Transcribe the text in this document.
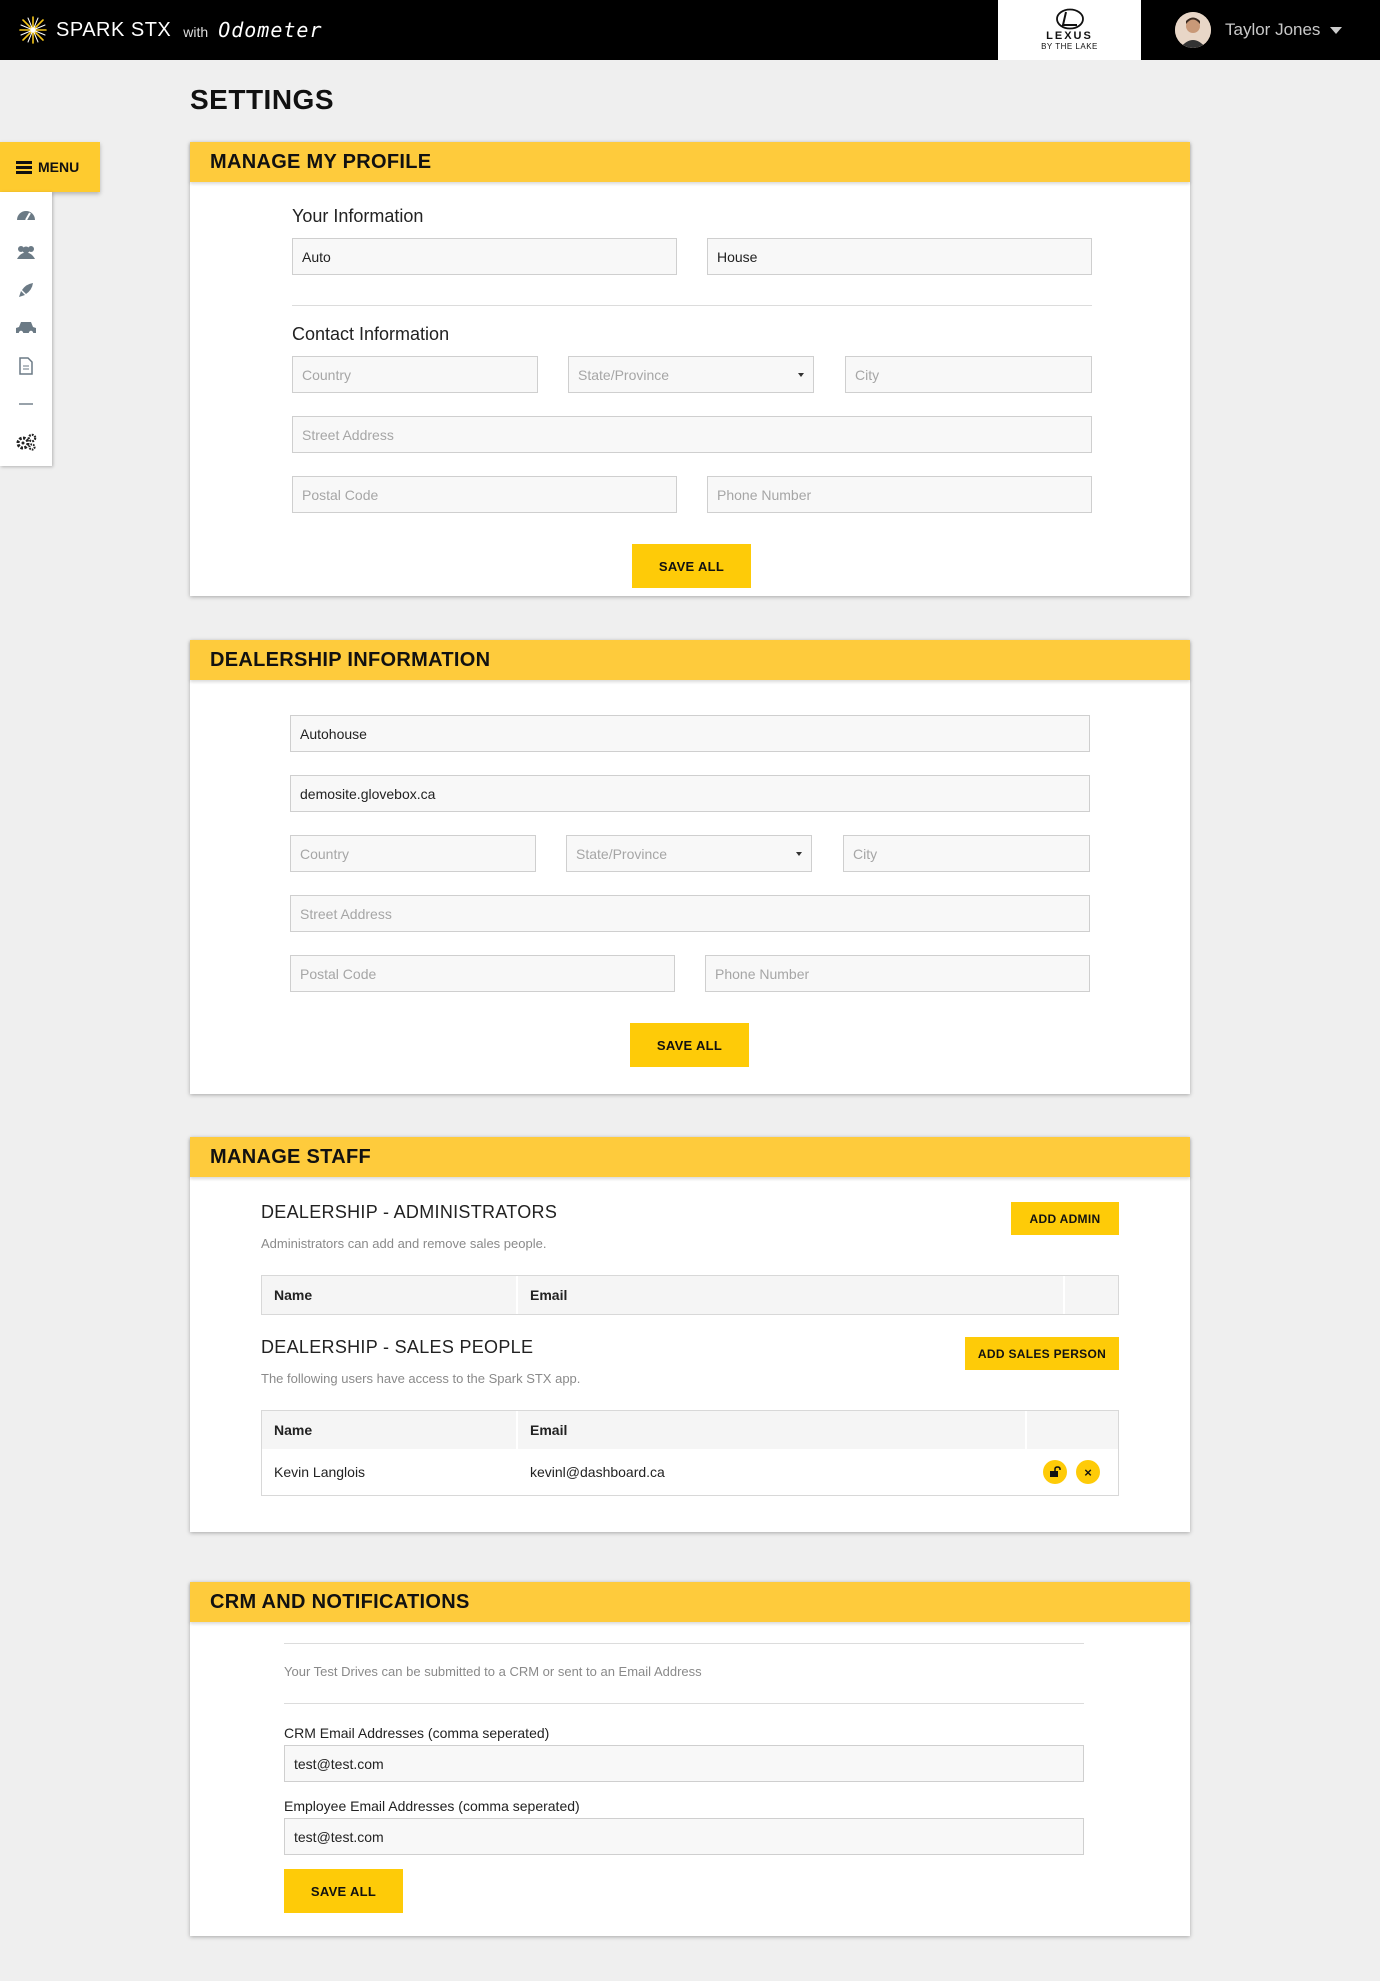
SPARK STX with Odometer	LEXUS
BY THE LAKE
Taylor Jones
MENU
SETTINGS
MANAGE MY PROFILE
Your Information
Auto	House
Contact Information
Country	State/Province	City
Street Address
Postal Code	Phone Number
SAVE ALL
DEALERSHIP INFORMATION
Autohouse
demosite.glovebox.ca
Country	State/Province	City
Street Address
Postal Code	Phone Number
SAVE ALL
MANAGE STAFF
DEALERSHIP - ADMINISTRATORS
Administrators can add and remove sales people.
ADD ADMIN
Name	Email
DEALERSHIP - SALES PEOPLE
The following users have access to the Spark STX app.
ADD SALES PERSON
Name	Email
Kevin Langlois	kevinl@dashboard.ca	×
CRM AND NOTIFICATIONS
Your Test Drives can be submitted to a CRM or sent to an Email Address
CRM Email Addresses (comma seperated)
test@test.com
Employee Email Addresses (comma seperated)
test@test.com
SAVE ALL
